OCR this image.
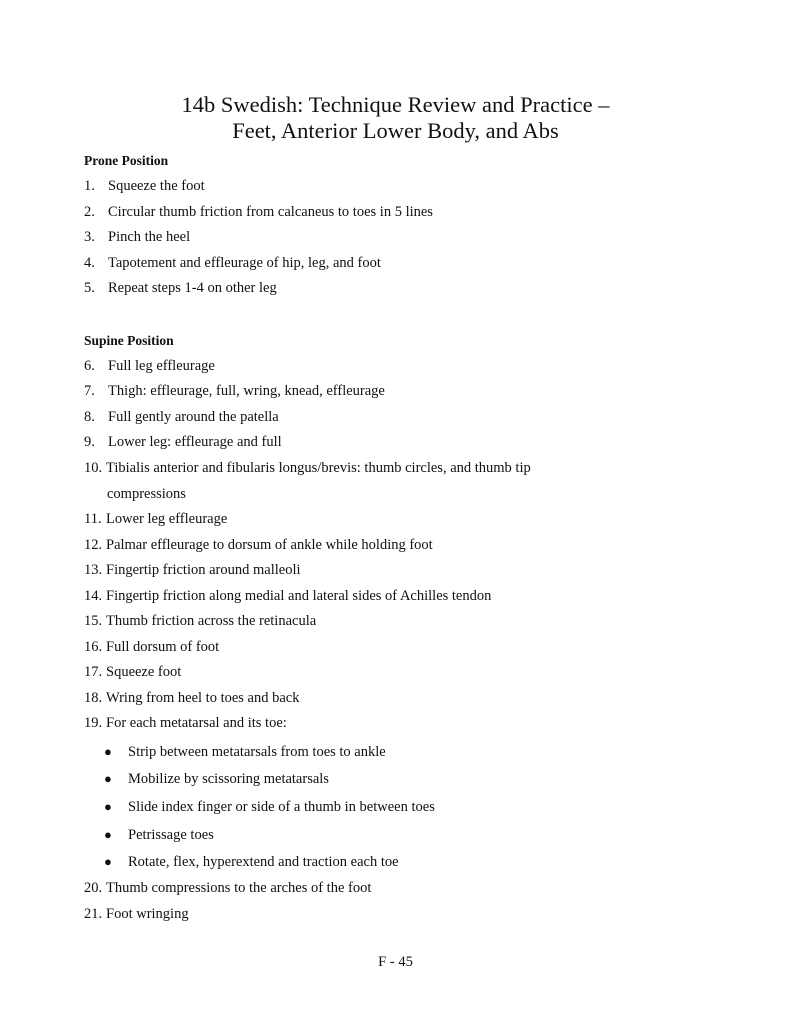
14b Swedish: Technique Review and Practice –
Feet, Anterior Lower Body, and Abs
Prone Position
1. Squeeze the foot
2. Circular thumb friction from calcaneus to toes in 5 lines
3. Pinch the heel
4. Tapotement and effleurage of hip, leg, and foot
5. Repeat steps 1-4 on other leg
Supine Position
6. Full leg effleurage
7. Thigh: effleurage, full, wring, knead, effleurage
8. Full gently around the patella
9. Lower leg: effleurage and full
10. Tibialis anterior and fibularis longus/brevis: thumb circles, and thumb tip
compressions
11. Lower leg effleurage
12. Palmar effleurage to dorsum of ankle while holding foot
13. Fingertip friction around malleoli
14. Fingertip friction along medial and lateral sides of Achilles tendon
15. Thumb friction across the retinacula
16. Full dorsum of foot
17. Squeeze foot
18. Wring from heel to toes and back
19. For each metatarsal and its toe:
● Strip between metatarsals from toes to ankle
● Mobilize by scissoring metatarsals
● Slide index finger or side of a thumb in between toes
● Petrissage toes
● Rotate, flex, hyperextend and traction each toe
20. Thumb compressions to the arches of the foot
21. Foot wringing
F - 45
